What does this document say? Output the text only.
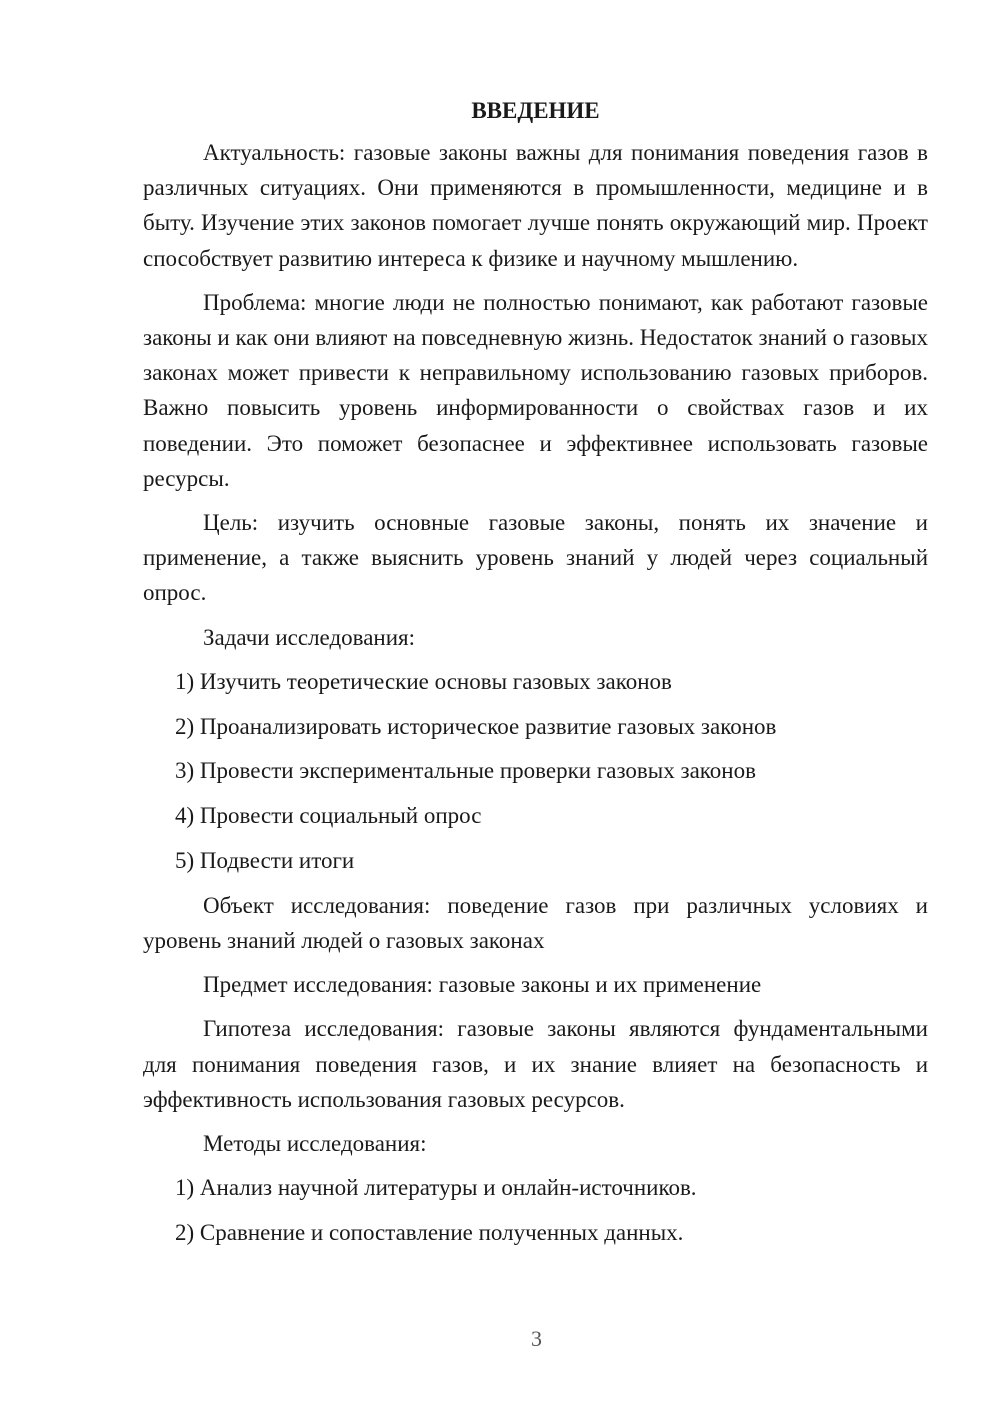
ВВЕДЕНИЕ

Актуальность: газовые законы важны для понимания поведения газов в различных ситуациях. Они применяются в промышленности, медицине и в быту. Изучение этих законов помогает лучше понять окружающий мир. Проект способствует развитию интереса к физике и научному мышлению.

Проблема: многие люди не полностью понимают, как работают газовые законы и как они влияют на повседневную жизнь. Недостаток знаний о газовых законах может привести к неправильному использованию газовых приборов. Важно повысить уровень информированности о свойствах газов и их поведении. Это поможет безопаснее и эффективнее использовать газовые ресурсы.

Цель: изучить основные газовые законы, понять их значение и применение, а также выяснить уровень знаний у людей через социальный опрос.

Задачи исследования:

1) Изучить теоретические основы газовых законов
2) Проанализировать историческое развитие газовых законов
3) Провести экспериментальные проверки газовых законов
4) Провести социальный опрос
5) Подвести итоги

Объект исследования: поведение газов при различных условиях и уровень знаний людей о газовых законах

Предмет исследования: газовые законы и их применение

Гипотеза исследования: газовые законы являются фундаментальными для понимания поведения газов, и их знание влияет на безопасность и эффективность использования газовых ресурсов.

Методы исследования:

1) Анализ научной литературы и онлайн-источников.
2) Сравнение и сопоставление полученных данных.
3
